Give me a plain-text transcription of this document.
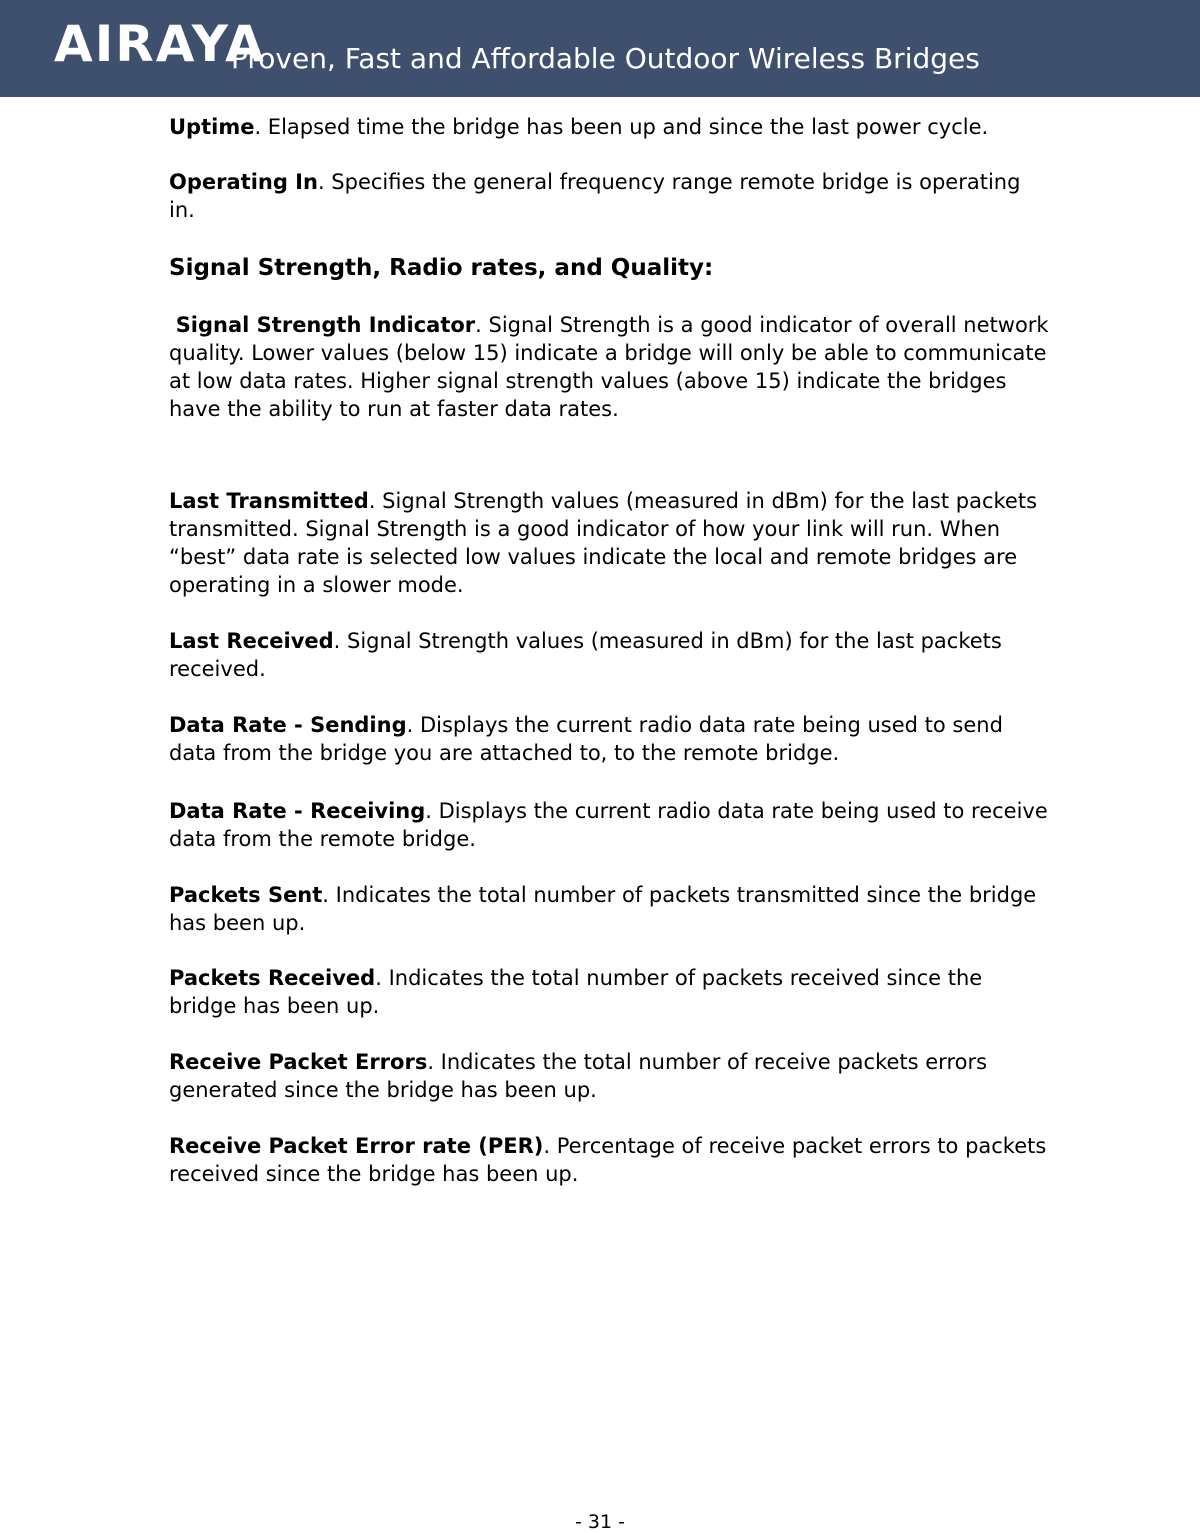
AIRAYA
Proven, Fast and Affordable Outdoor Wireless Bridges

Uptime. Elapsed time the bridge has been up and since the last power cycle.

Operating In. Specifies the general frequency range remote bridge is operating in.

Signal Strength, Radio rates, and Quality:

Signal Strength Indicator. Signal Strength is a good indicator of overall network quality. Lower values (below 15) indicate a bridge will only be able to communicate at low data rates. Higher signal strength values (above 15) indicate the bridges have the ability to run at faster data rates.

Last Transmitted. Signal Strength values (measured in dBm) for the last packets transmitted. Signal Strength is a good indicator of how your link will run. When “best” data rate is selected low values indicate the local and remote bridges are operating in a slower mode.

Last Received. Signal Strength values (measured in dBm) for the last packets received.

Data Rate - Sending. Displays the current radio data rate being used to send data from the bridge you are attached to, to the remote bridge.

Data Rate - Receiving. Displays the current radio data rate being used to receive data from the remote bridge.

Packets Sent. Indicates the total number of packets transmitted since the bridge has been up.

Packets Received. Indicates the total number of packets received since the bridge has been up.

Receive Packet Errors. Indicates the total number of receive packets errors generated since the bridge has been up.

Receive Packet Error rate (PER). Percentage of receive packet errors to packets received since the bridge has been up.

- 31 -
